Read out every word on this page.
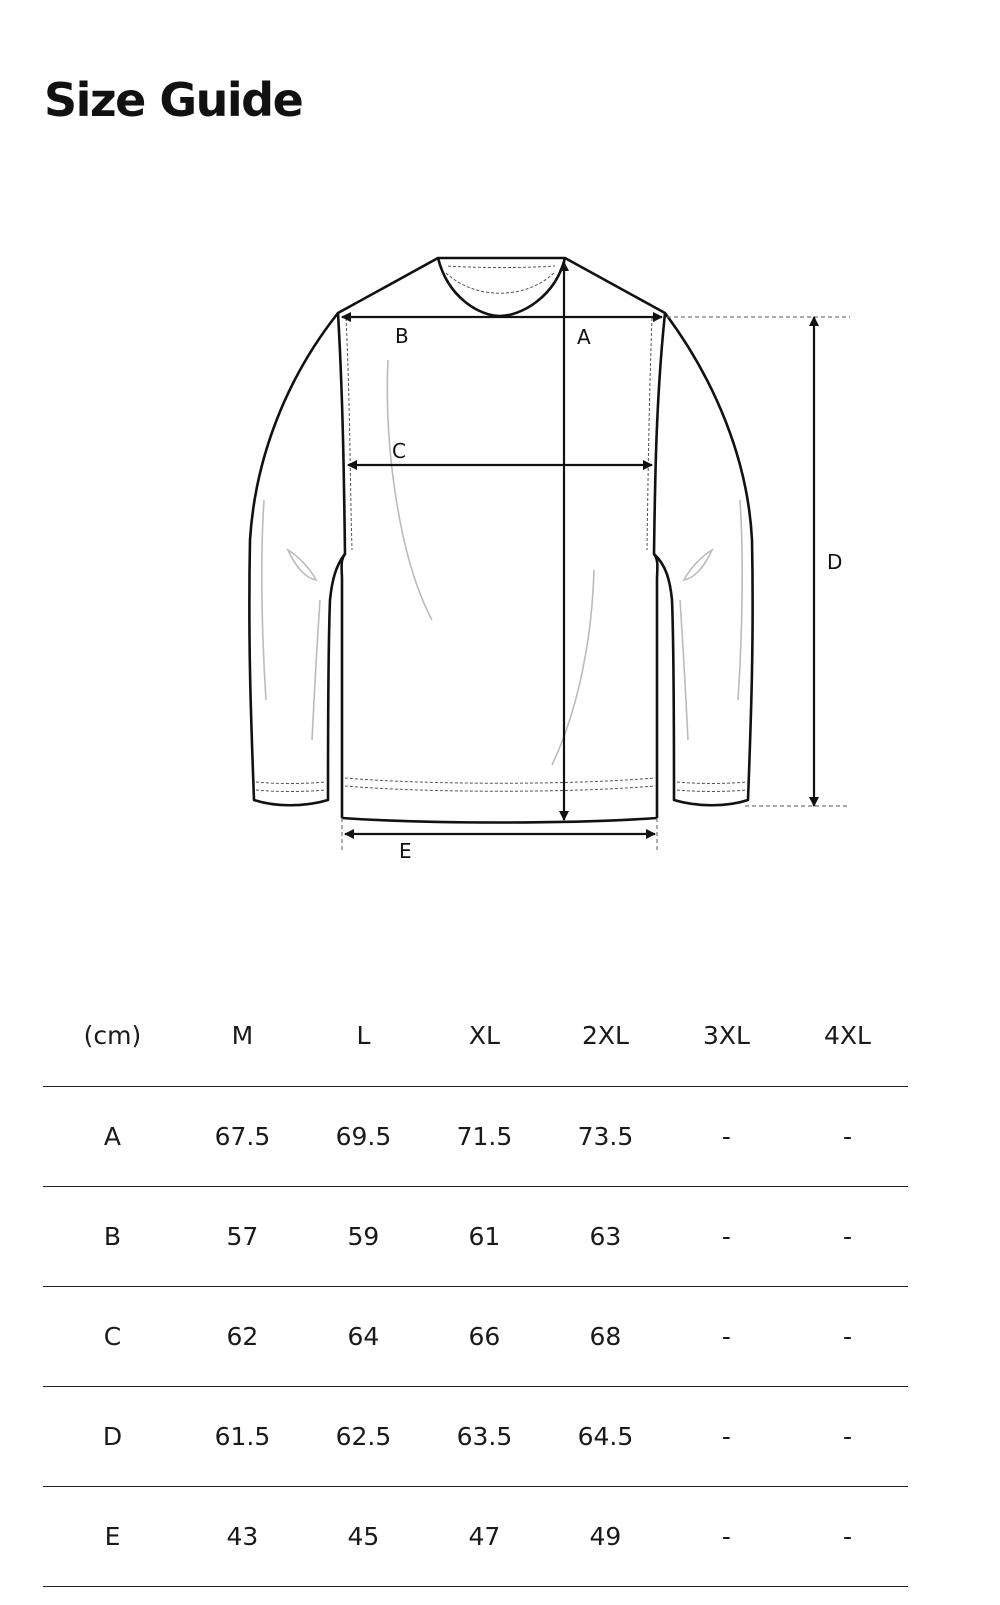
Size Guide
B	A
C
D
E
(cm)	M	L	XL	2XL	3XL	4XL
A	67.5	69.5	71.5	73.5	-	-
B	57	59	61	63	-	-
C	62	64	66	68	-	-
D	61.5	62.5	63.5	64.5	-	-
E	43	45	47	49	-	-
